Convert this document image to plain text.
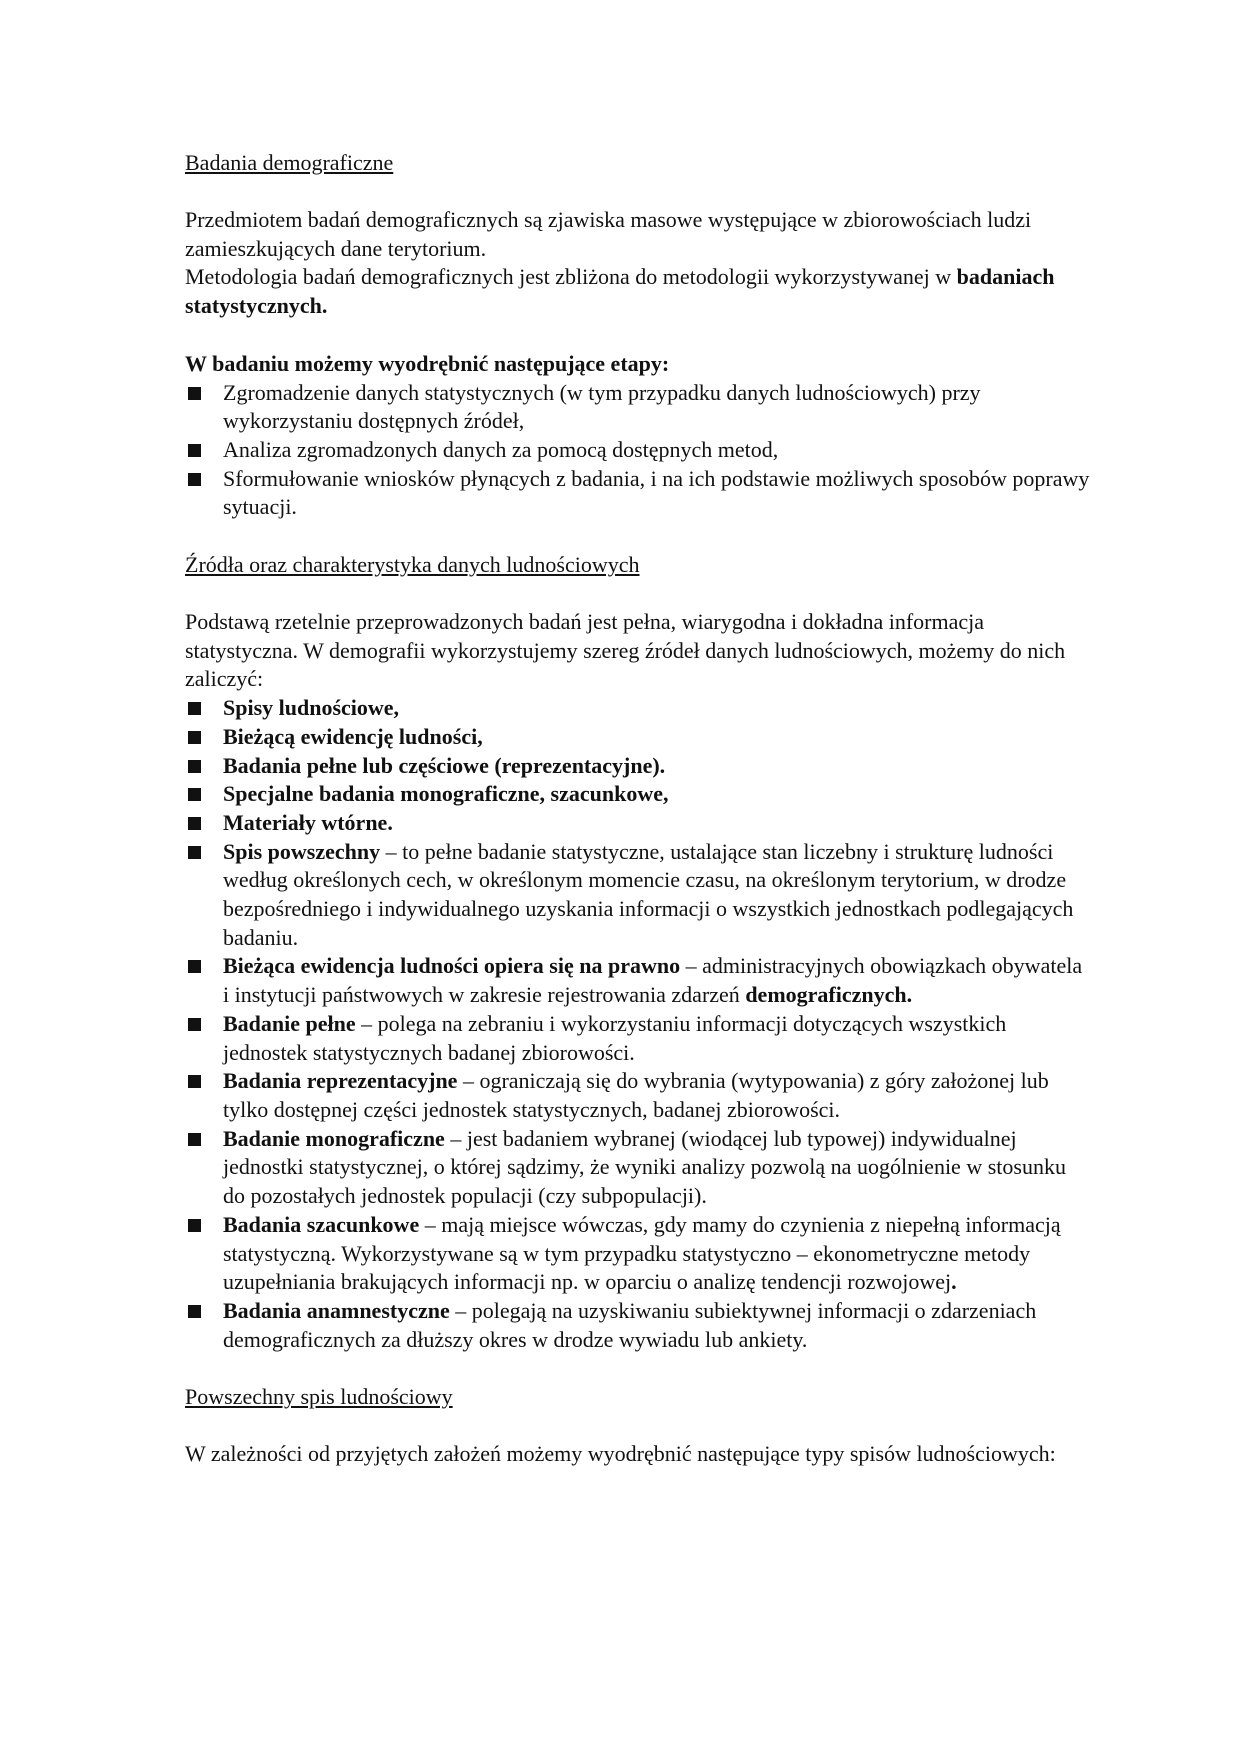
Badania demograficzne

Przedmiotem badań demograficznych są zjawiska masowe występujące w zbiorowościach ludzi zamieszkujących dane terytorium.

Metodologia badań demograficznych jest zbliżona do metodologii wykorzystywanej w badaniach statystycznych.

W badaniu możemy wyodrębnić następujące etapy:

Zgromadzenie danych statystycznych (w tym przypadku danych ludnościowych) przy wykorzystaniu dostępnych źródeł,
Analiza zgromadzonych danych za pomocą dostępnych metod,
Sformułowanie wniosków płynących z badania, i na ich podstawie możliwych sposobów poprawy sytuacji.

Źródła oraz charakterystyka danych ludnościowych

Podstawą rzetelnie przeprowadzonych badań jest pełna, wiarygodna i dokładna informacja statystyczna. W demografii wykorzystujemy szereg źródeł danych ludnościowych, możemy do nich zaliczyć:

Spisy ludnościowe,
Bieżącą ewidencję ludności,
Badania pełne lub częściowe (reprezentacyjne).
Specjalne badania monograficzne, szacunkowe,
Materiały wtórne.
Spis powszechny – to pełne badanie statystyczne, ustalające stan liczebny i strukturę ludności według określonych cech, w określonym momencie czasu, na określonym terytorium, w drodze bezpośredniego i indywidualnego uzyskania informacji o wszystkich jednostkach podlegających badaniu.
Bieżąca ewidencja ludności opiera się na prawno – administracyjnych obowiązkach obywatela i instytucji państwowych w zakresie rejestrowania zdarzeń demograficznych.
Badanie pełne – polega na zebraniu i wykorzystaniu informacji dotyczących wszystkich jednostek statystycznych badanej zbiorowości.
Badania reprezentacyjne – ograniczają się do wybrania (wytypowania) z góry założonej lub tylko dostępnej części jednostek statystycznych, badanej zbiorowości.
Badanie monograficzne – jest badaniem wybranej (wiodącej lub typowej) indywidualnej jednostki statystycznej, o której sądzimy, że wyniki analizy pozwolą na uogólnienie w stosunku do pozostałych jednostek populacji (czy subpopulacji).
Badania szacunkowe – mają miejsce wówczas, gdy mamy do czynienia z niepełną informacją statystyczną. Wykorzystywane są w tym przypadku statystyczno – ekonometryczne metody uzupełniania brakujących informacji np. w oparciu o analizę tendencji rozwojowej.
Badania anamnestyczne – polegają na uzyskiwaniu subiektywnej informacji o zdarzeniach demograficznych za dłuższy okres w drodze wywiadu lub ankiety.

Powszechny spis ludnościowy

W zależności od przyjętych założeń możemy wyodrębnić następujące typy spisów ludnościowych:
